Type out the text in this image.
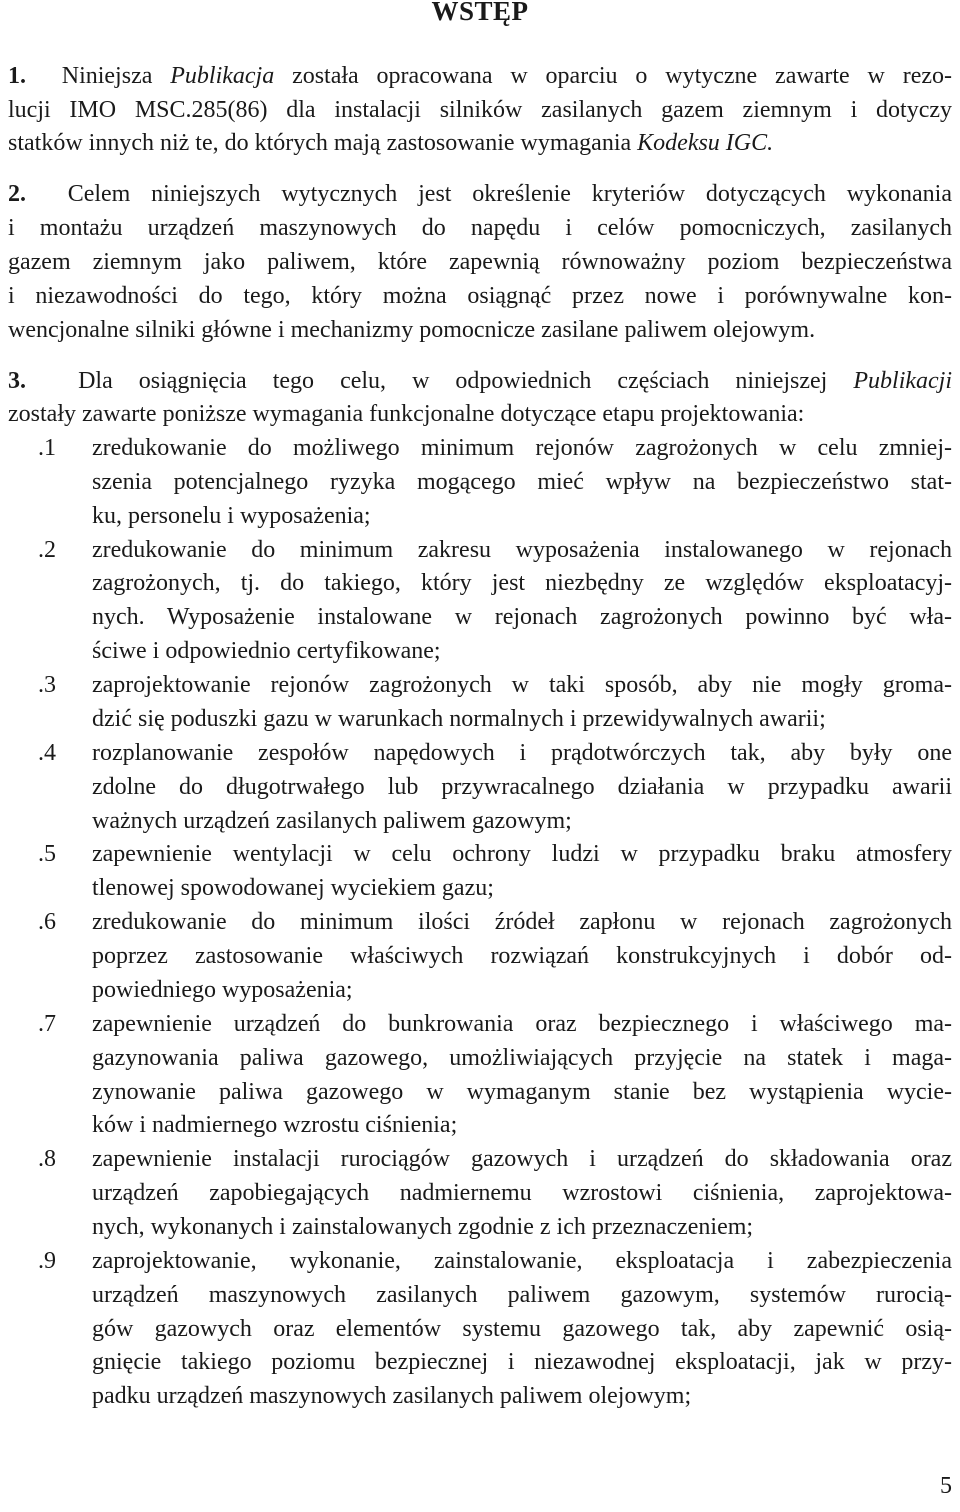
WSTĘP
1. Niniejsza Publikacja została opracowana w oparciu o wytyczne zawarte w rezo-
lucji IMO MSC.285(86) dla instalacji silników zasilanych gazem ziemnym i dotyczy
statków innych niż te, do których mają zastosowanie wymagania Kodeksu IGC.
2. Celem niniejszych wytycznych jest określenie kryteriów dotyczących wykonania
i montażu urządzeń maszynowych do napędu i celów pomocniczych, zasilanych
gazem ziemnym jako paliwem, które zapewnią równoważny poziom bezpieczeństwa
i niezawodności do tego, który można osiągnąć przez nowe i porównywalne kon-
wencjonalne silniki główne i mechanizmy pomocnicze zasilane paliwem olejowym.
3. Dla osiągnięcia tego celu, w odpowiednich częściach niniejszej Publikacji
zostały zawarte poniższe wymagania funkcjonalne dotyczące etapu projektowania:
.1 zredukowanie do możliwego minimum rejonów zagrożonych w celu zmniej-
szenia potencjalnego ryzyka mogącego mieć wpływ na bezpieczeństwo stat-
ku, personelu i wyposażenia;
.2 zredukowanie do minimum zakresu wyposażenia instalowanego w rejonach
zagrożonych, tj. do takiego, który jest niezbędny ze względów eksploatacyj-
nych. Wyposażenie instalowane w rejonach zagrożonych powinno być wła-
ściwe i odpowiednio certyfikowane;
.3 zaprojektowanie rejonów zagrożonych w taki sposób, aby nie mogły groma-
dzić się poduszki gazu w warunkach normalnych i przewidywalnych awarii;
.4 rozplanowanie zespołów napędowych i prądotwórczych tak, aby były one
zdolne do długotrwałego lub przywracalnego działania w przypadku awarii
ważnych urządzeń zasilanych paliwem gazowym;
.5 zapewnienie wentylacji w celu ochrony ludzi w przypadku braku atmosfery
tlenowej spowodowanej wyciekiem gazu;
.6 zredukowanie do minimum ilości źródeł zapłonu w rejonach zagrożonych
poprzez zastosowanie właściwych rozwiązań konstrukcyjnych i dobór od-
powiedniego wyposażenia;
.7 zapewnienie urządzeń do bunkrowania oraz bezpiecznego i właściwego ma-
gazynowania paliwa gazowego, umożliwiających przyjęcie na statek i maga-
zynowanie paliwa gazowego w wymaganym stanie bez wystąpienia wycie-
ków i nadmiernego wzrostu ciśnienia;
.8 zapewnienie instalacji rurociągów gazowych i urządzeń do składowania oraz
urządzeń zapobiegających nadmiernemu wzrostowi ciśnienia, zaprojektowa-
nych, wykonanych i zainstalowanych zgodnie z ich przeznaczeniem;
.9 zaprojektowanie, wykonanie, zainstalowanie, eksploatacja i zabezpieczenia
urządzeń maszynowych zasilanych paliwem gazowym, systemów rurocią-
gów gazowych oraz elementów systemu gazowego tak, aby zapewnić osią-
gnięcie takiego poziomu bezpiecznej i niezawodnej eksploatacji, jak w przy-
padku urządzeń maszynowych zasilanych paliwem olejowym;
5
